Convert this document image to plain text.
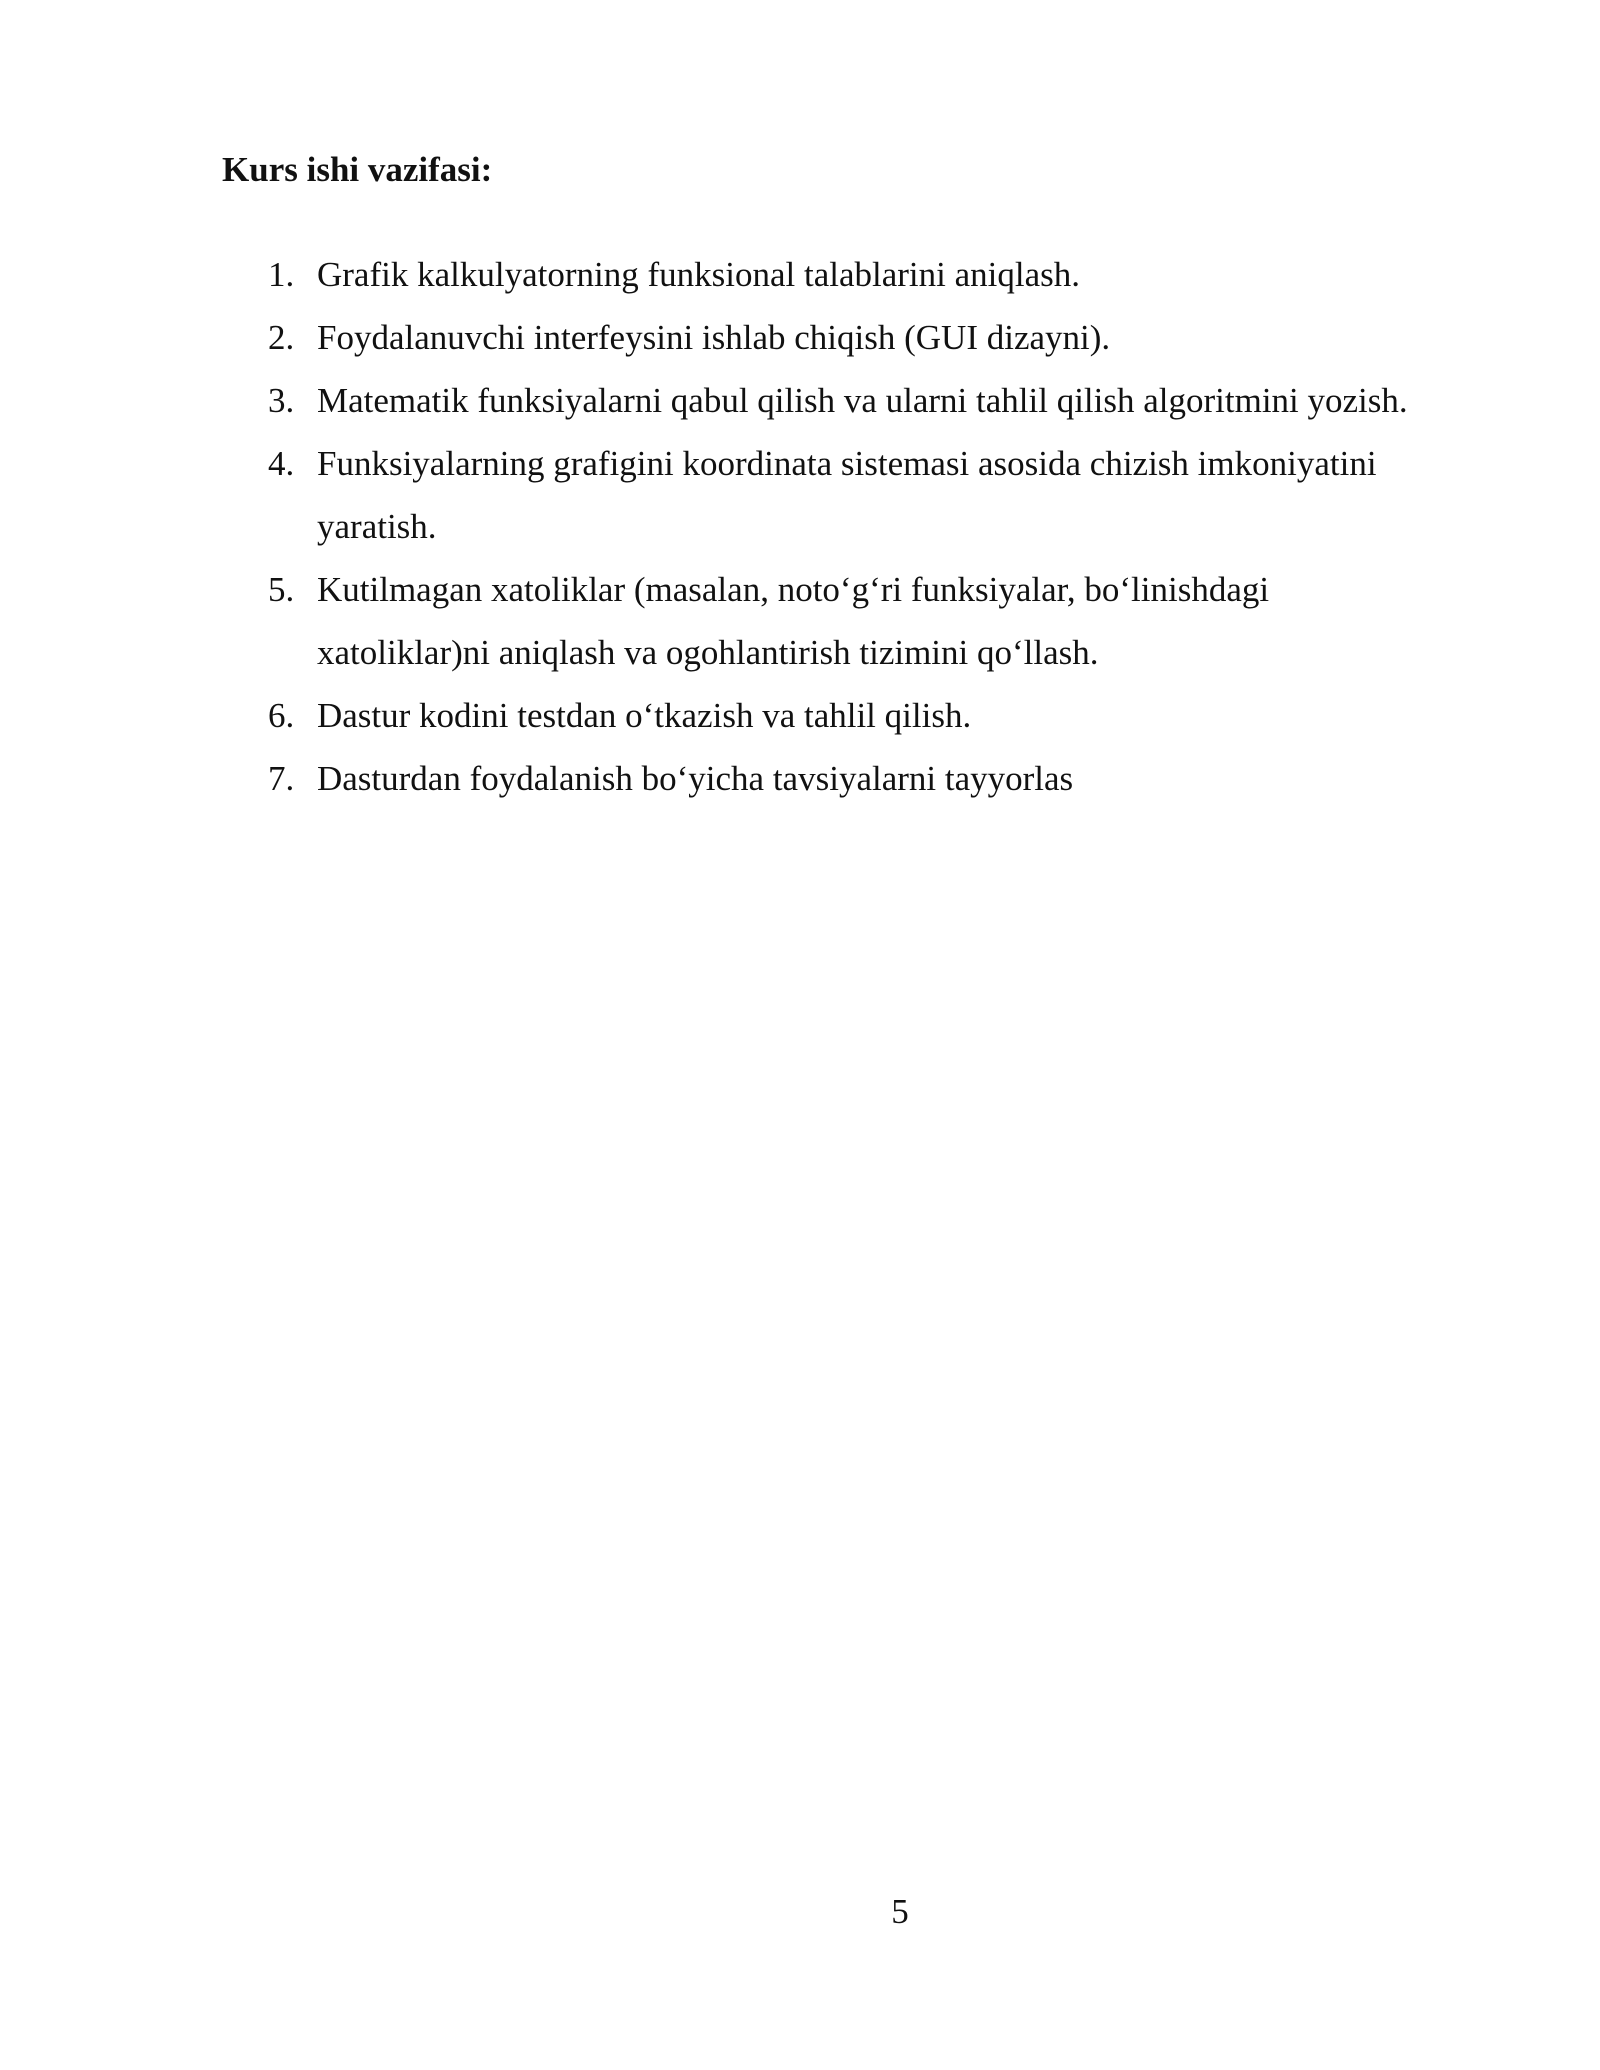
Kurs ishi vazifasi:
1. Grafik kalkulyatorning funksional talablarini aniqlash.
2. Foydalanuvchi interfeysini ishlab chiqish (GUI dizayni).
3. Matematik funksiyalarni qabul qilish va ularni tahlil qilish algoritmini yozish.
4. Funksiyalarning grafigini koordinata sistemasi asosida chizish imkoniyatini
yaratish.
5. Kutilmagan xatoliklar (masalan, noto‘g‘ri funksiyalar, bo‘linishdagi
xatoliklar)ni aniqlash va ogohlantirish tizimini qo‘llash.
6. Dastur kodini testdan o‘tkazish va tahlil qilish.
7. Dasturdan foydalanish bo‘yicha tavsiyalarni tayyorlas
5
